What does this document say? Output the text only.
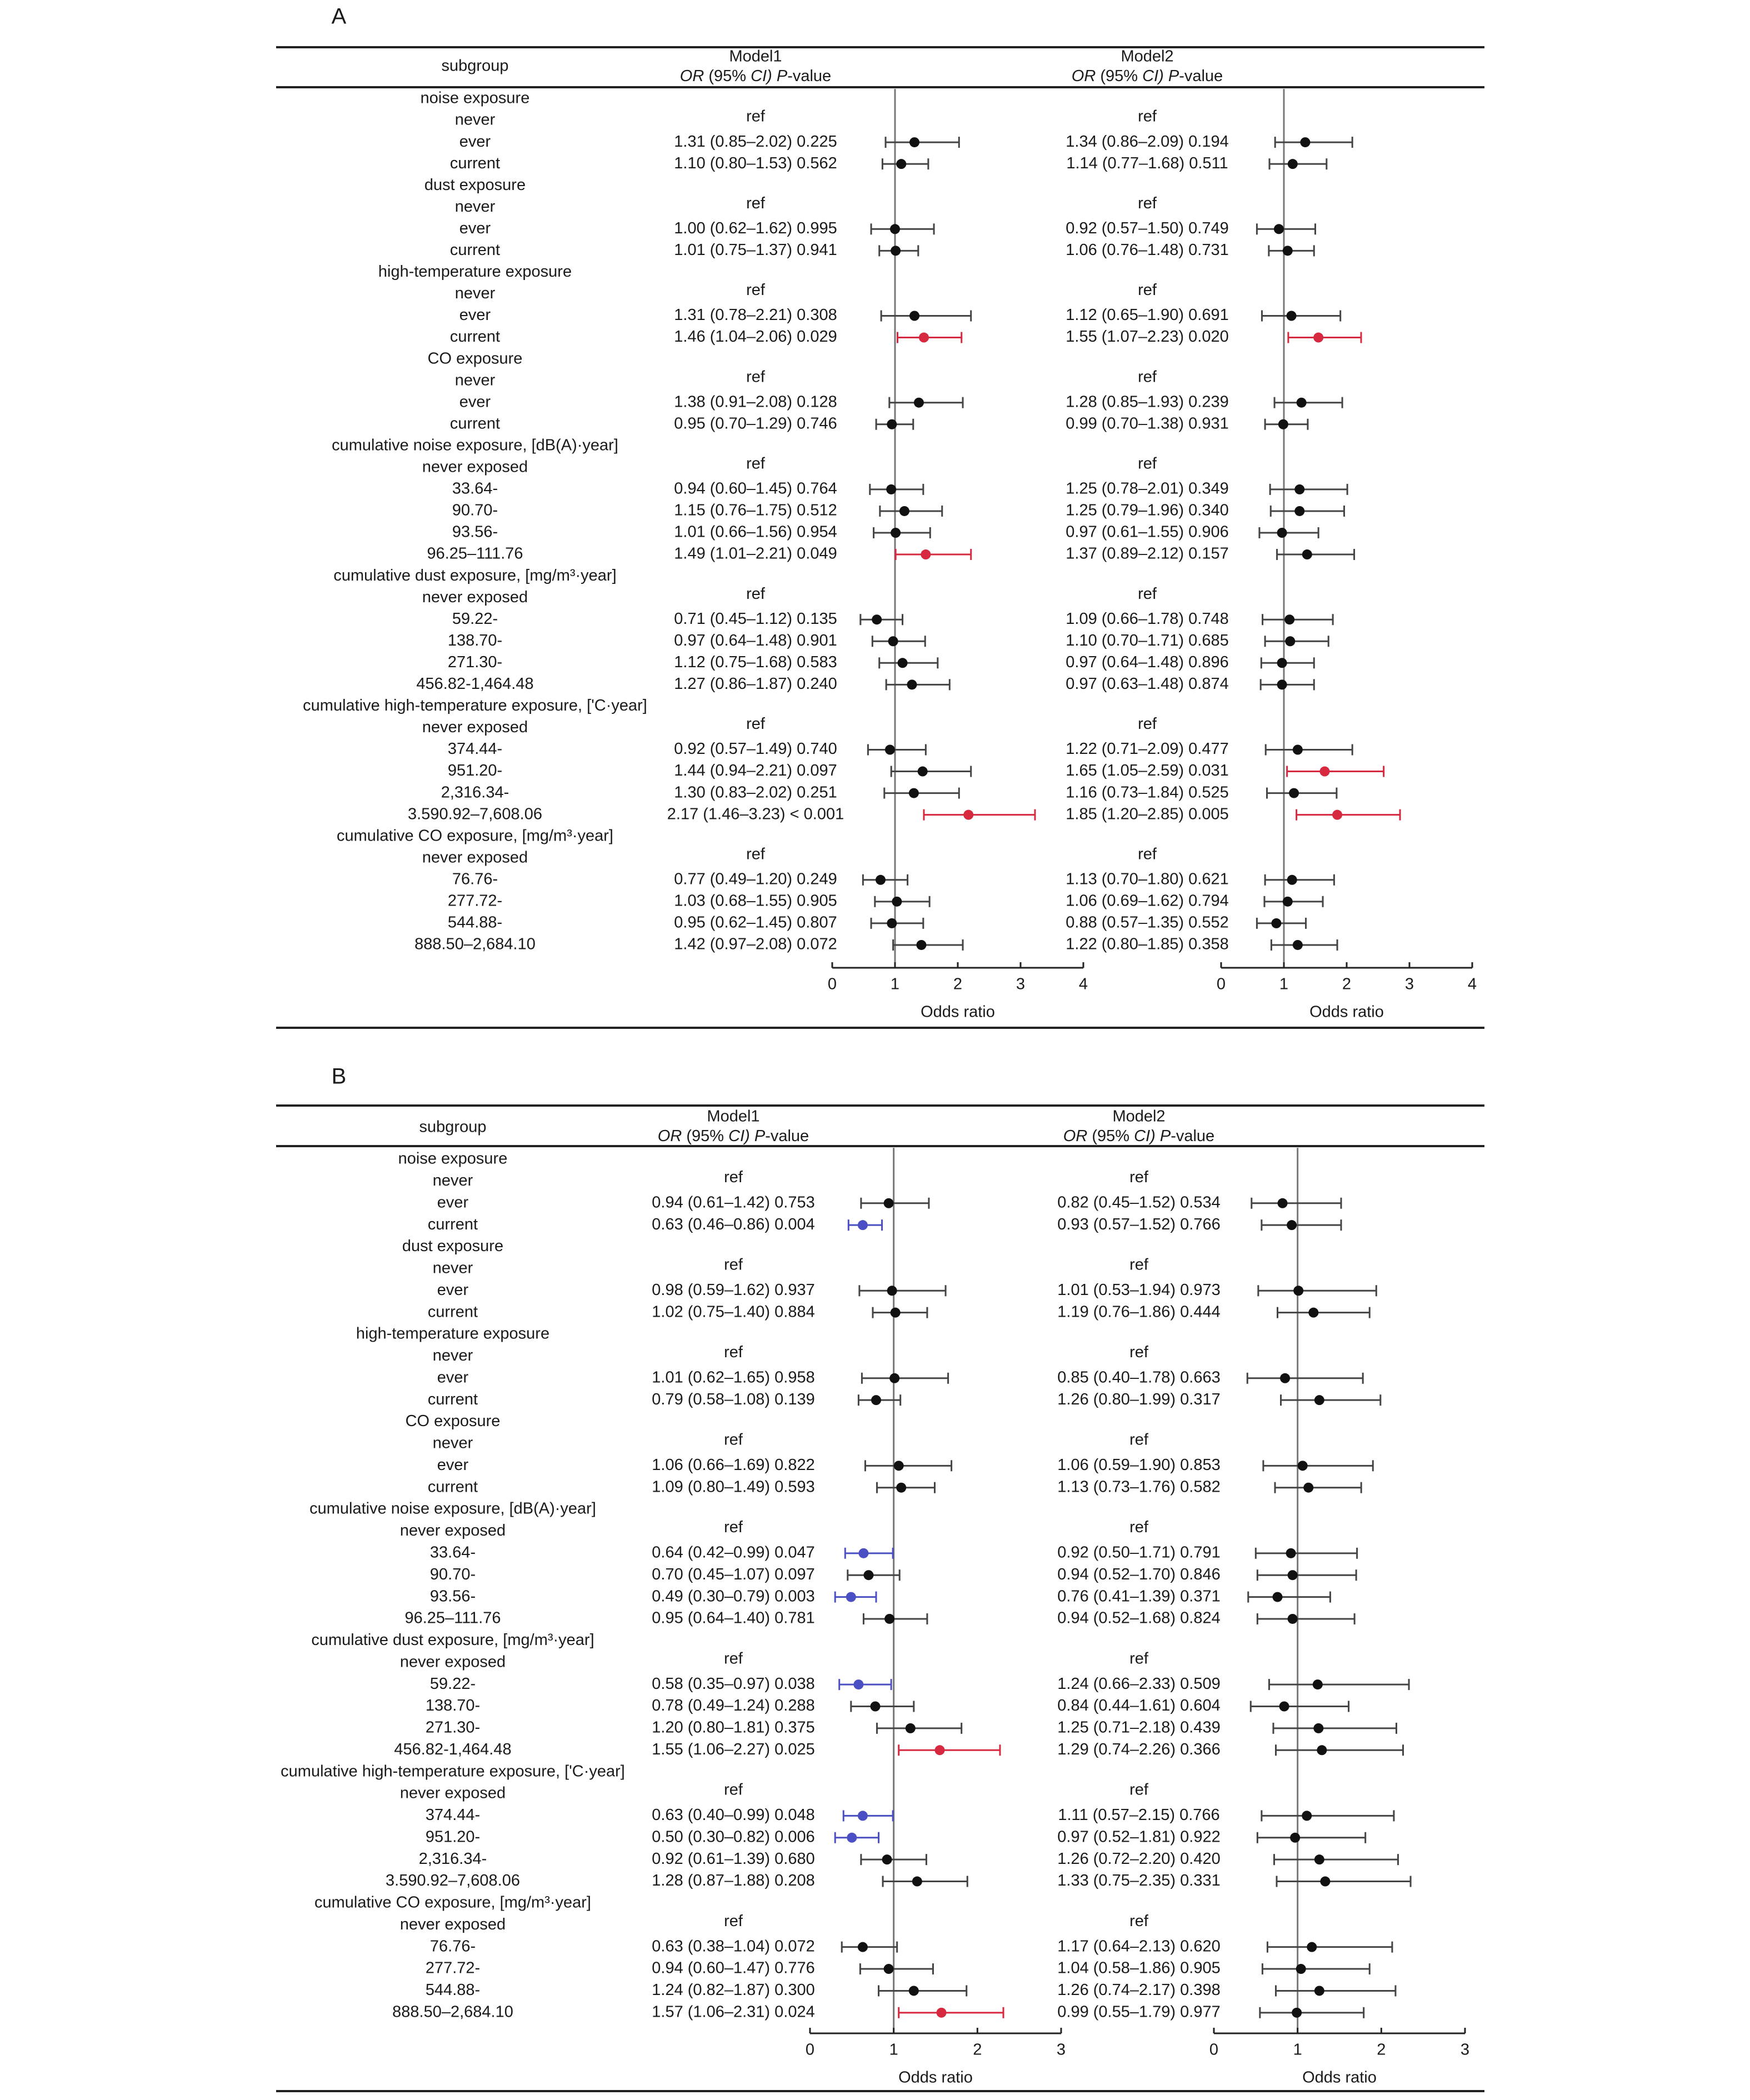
A
subgroup
Model1
OR (95% CI) P-value
Model2
OR (95% CI) P-value
0	1	2	3	4
Odds ratio
0	1	2	3	4
Odds ratio
noise exposure
never	ref	ref
ever	1.31 (0.85–2.02) 0.225	1.34 (0.86–2.09) 0.194
current	1.10 (0.80–1.53) 0.562	1.14 (0.77–1.68) 0.511
dust exposure
never	ref	ref
ever	1.00 (0.62–1.62) 0.995	0.92 (0.57–1.50) 0.749
current	1.01 (0.75–1.37) 0.941	1.06 (0.76–1.48) 0.731
high-temperature exposure
never	ref	ref
ever	1.31 (0.78–2.21) 0.308	1.12 (0.65–1.90) 0.691
current	1.46 (1.04–2.06) 0.029	1.55 (1.07–2.23) 0.020
CO exposure
never	ref	ref
ever	1.38 (0.91–2.08) 0.128	1.28 (0.85–1.93) 0.239
current	0.95 (0.70–1.29) 0.746	0.99 (0.70–1.38) 0.931
cumulative noise exposure, [dB(A)·year]
never exposed	ref	ref
33.64-	0.94 (0.60–1.45) 0.764	1.25 (0.78–2.01) 0.349
90.70-	1.15 (0.76–1.75) 0.512	1.25 (0.79–1.96) 0.340
93.56-	1.01 (0.66–1.56) 0.954	0.97 (0.61–1.55) 0.906
96.25–111.76	1.49 (1.01–2.21) 0.049	1.37 (0.89–2.12) 0.157
cumulative dust exposure, [mg/m³·year]
never exposed	ref	ref
59.22-	0.71 (0.45–1.12) 0.135	1.09 (0.66–1.78) 0.748
138.70-	0.97 (0.64–1.48) 0.901	1.10 (0.70–1.71) 0.685
271.30-	1.12 (0.75–1.68) 0.583	0.97 (0.64–1.48) 0.896
456.82-1,464.48	1.27 (0.86–1.87) 0.240	0.97 (0.63–1.48) 0.874
cumulative high-temperature exposure, ['C·year]
never exposed	ref	ref
374.44-	0.92 (0.57–1.49) 0.740	1.22 (0.71–2.09) 0.477
951.20-	1.44 (0.94–2.21) 0.097	1.65 (1.05–2.59) 0.031
2,316.34-	1.30 (0.83–2.02) 0.251	1.16 (0.73–1.84) 0.525
3.590.92–7,608.06	2.17 (1.46–3.23) < 0.001	1.85 (1.20–2.85) 0.005
cumulative CO exposure, [mg/m³·year]
never exposed	ref	ref
76.76-	0.77 (0.49–1.20) 0.249	1.13 (0.70–1.80) 0.621
277.72-	1.03 (0.68–1.55) 0.905	1.06 (0.69–1.62) 0.794
544.88-	0.95 (0.62–1.45) 0.807	0.88 (0.57–1.35) 0.552
888.50–2,684.10	1.42 (0.97–2.08) 0.072	1.22 (0.80–1.85) 0.358
B
subgroup
Model1
OR (95% CI) P-value
Model2
OR (95% CI) P-value
0	1	2	3
Odds ratio
0	1	2	3
Odds ratio
noise exposure
never	ref	ref
ever	0.94 (0.61–1.42) 0.753	0.82 (0.45–1.52) 0.534
current	0.63 (0.46–0.86) 0.004	0.93 (0.57–1.52) 0.766
dust exposure
never	ref	ref
ever	0.98 (0.59–1.62) 0.937	1.01 (0.53–1.94) 0.973
current	1.02 (0.75–1.40) 0.884	1.19 (0.76–1.86) 0.444
high-temperature exposure
never	ref	ref
ever	1.01 (0.62–1.65) 0.958	0.85 (0.40–1.78) 0.663
current	0.79 (0.58–1.08) 0.139	1.26 (0.80–1.99) 0.317
CO exposure
never	ref	ref
ever	1.06 (0.66–1.69) 0.822	1.06 (0.59–1.90) 0.853
current	1.09 (0.80–1.49) 0.593	1.13 (0.73–1.76) 0.582
cumulative noise exposure, [dB(A)·year]
never exposed	ref	ref
33.64-	0.64 (0.42–0.99) 0.047	0.92 (0.50–1.71) 0.791
90.70-	0.70 (0.45–1.07) 0.097	0.94 (0.52–1.70) 0.846
93.56-	0.49 (0.30–0.79) 0.003	0.76 (0.41–1.39) 0.371
96.25–111.76	0.95 (0.64–1.40) 0.781	0.94 (0.52–1.68) 0.824
cumulative dust exposure, [mg/m³·year]
never exposed	ref	ref
59.22-	0.58 (0.35–0.97) 0.038	1.24 (0.66–2.33) 0.509
138.70-	0.78 (0.49–1.24) 0.288	0.84 (0.44–1.61) 0.604
271.30-	1.20 (0.80–1.81) 0.375	1.25 (0.71–2.18) 0.439
456.82-1,464.48	1.55 (1.06–2.27) 0.025	1.29 (0.74–2.26) 0.366
cumulative high-temperature exposure, ['C·year]
never exposed	ref	ref
374.44-	0.63 (0.40–0.99) 0.048	1.11 (0.57–2.15) 0.766
951.20-	0.50 (0.30–0.82) 0.006	0.97 (0.52–1.81) 0.922
2,316.34-	0.92 (0.61–1.39) 0.680	1.26 (0.72–2.20) 0.420
3.590.92–7,608.06	1.28 (0.87–1.88) 0.208	1.33 (0.75–2.35) 0.331
cumulative CO exposure, [mg/m³·year]
never exposed	ref	ref
76.76-	0.63 (0.38–1.04) 0.072	1.17 (0.64–2.13) 0.620
277.72-	0.94 (0.60–1.47) 0.776	1.04 (0.58–1.86) 0.905
544.88-	1.24 (0.82–1.87) 0.300	1.26 (0.74–2.17) 0.398
888.50–2,684.10	1.57 (1.06–2.31) 0.024	0.99 (0.55–1.79) 0.977
